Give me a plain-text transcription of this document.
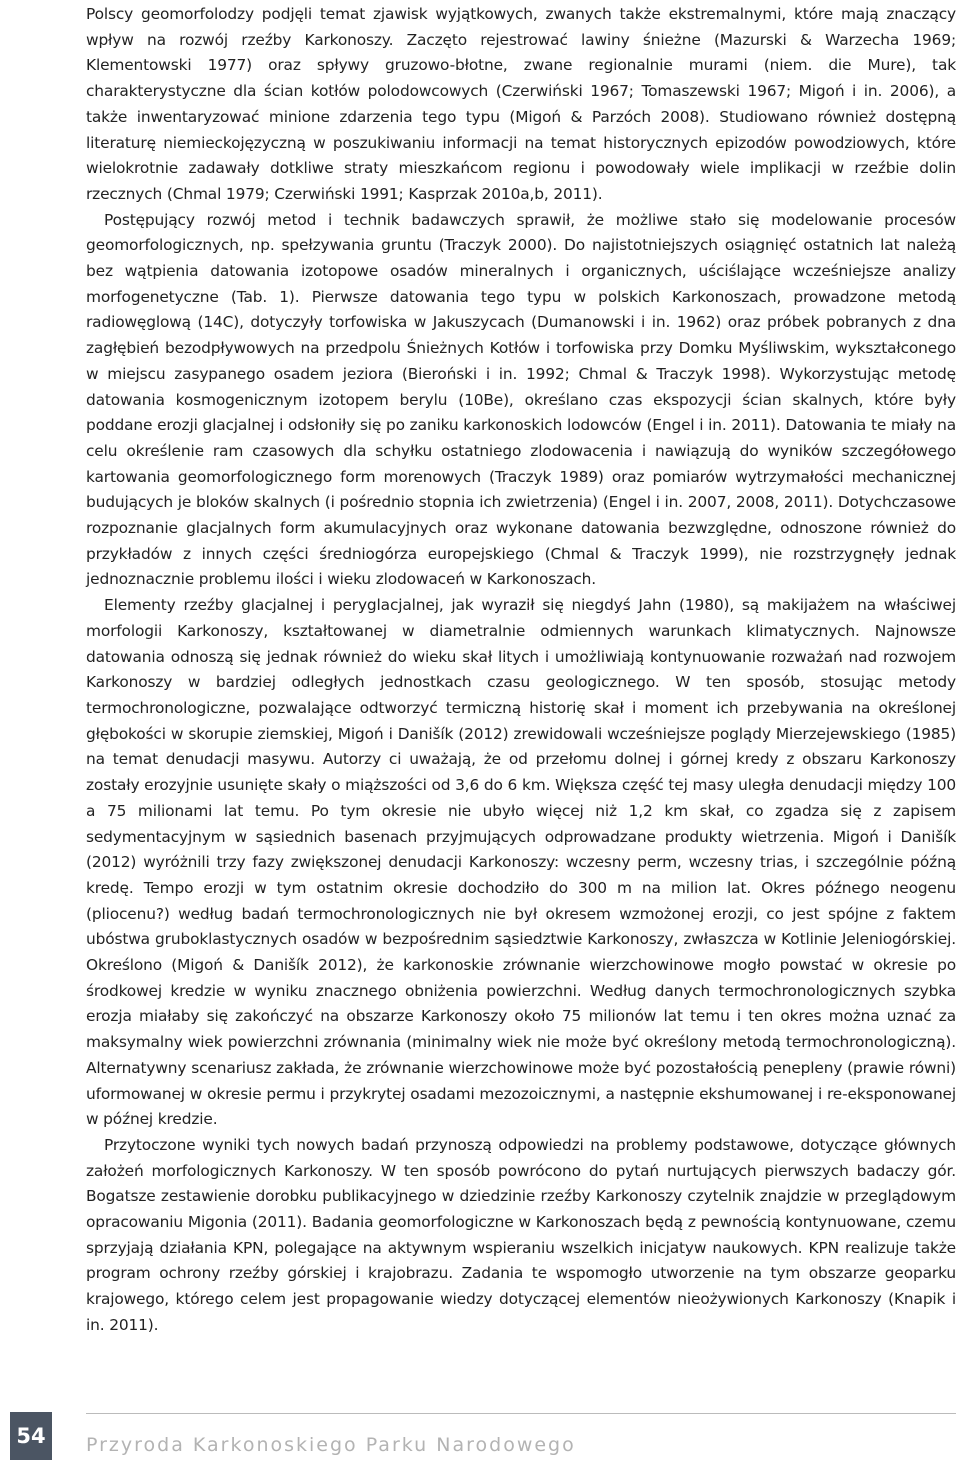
Polscy geomorfolodzy podjęli temat zjawisk wyjątkowych, zwanych także ekstremalnymi, które mają znaczący wpływ na rozwój rzeźby Karkonoszy. Zaczęto rejestrować lawiny śnieżne (Mazurski & Warzecha 1969; Klementowski 1977) oraz spływy gruzowo-błotne, zwane regionalnie murami (niem. die Mure), tak charakterystyczne dla ścian kotłów polodowcowych (Czerwiński 1967; Tomaszewski 1967; Migoń i in. 2006), a także inwentaryzować minione zdarzenia tego typu (Migoń & Parzóch 2008). Studiowano również dostępną literaturę niemieckojęzyczną w poszukiwaniu informacji na temat historycznych epizodów powodziowych, które wielokrotnie zadawały dotkliwe straty mieszkańcom regionu i powodowały wiele implikacji w rzeźbie dolin rzecznych (Chmal 1979; Czerwiński 1991; Kasprzak 2010a,b, 2011).

Postępujący rozwój metod i technik badawczych sprawił, że możliwe stało się modelowanie procesów geomorfologicznych, np. spełzywania gruntu (Traczyk 2000). Do najistotniejszych osiągnięć ostatnich lat należą bez wątpienia datowania izotopowe osadów mineralnych i organicznych, uściślające wcześniejsze analizy morfogenetyczne (Tab. 1). Pierwsze datowania tego typu w polskich Karkonoszach, prowadzone metodą radiowęglową (14C), dotyczyły torfowiska w Jakuszycach (Dumanowski i in. 1962) oraz próbek pobranych z dna zagłębień bezodpływowych na przedpolu Śnieżnych Kotłów i torfowiska przy Domku Myśliwskim, wykształconego w miejscu zasypanego osadem jeziora (Bieroński i in. 1992; Chmal & Traczyk 1998). Wykorzystując metodę datowania kosmogenicznym izotopem berylu (10Be), określano czas ekspozycji ścian skalnych, które były poddane erozji glacjalnej i odsłoniły się po zaniku karkonoskich lodowców (Engel i in. 2011). Datowania te miały na celu określenie ram czasowych dla schyłku ostatniego zlodowacenia i nawiązują do wyników szczegółowego kartowania geomorfologicznego form morenowych (Traczyk 1989) oraz pomiarów wytrzymałości mechanicznej budujących je bloków skalnych (i pośrednio stopnia ich zwietrzenia) (Engel i in. 2007, 2008, 2011). Dotychczasowe rozpoznanie glacjalnych form akumulacyjnych oraz wykonane datowania bezwzględne, odnoszone również do przykładów z innych części średniogórza europejskiego (Chmal & Traczyk 1999), nie rozstrzygnęły jednak jednoznacznie problemu ilości i wieku zlodowaceń w Karkonoszach.

Elementy rzeźby glacjalnej i peryglacjalnej, jak wyraził się niegdyś Jahn (1980), są makijażem na właściwej morfologii Karkonoszy, kształtowanej w diametralnie odmiennych warunkach klimatycznych. Najnowsze datowania odnoszą się jednak również do wieku skał litych i umożliwiają kontynuowanie rozważań nad rozwojem Karkonoszy w bardziej odległych jednostkach czasu geologicznego. W ten sposób, stosując metody termochronologiczne, pozwalające odtworzyć termiczną historię skał i moment ich przebywania na określonej głębokości w skorupie ziemskiej, Migoń i Danišík (2012) zrewidowali wcześniejsze poglądy Mierzejewskiego (1985) na temat denudacji masywu. Autorzy ci uważają, że od przełomu dolnej i górnej kredy z obszaru Karkonoszy zostały erozyjnie usunięte skały o miąższości od 3,6 do 6 km. Większa część tej masy uległa denudacji między 100 a 75 milionami lat temu. Po tym okresie nie ubyło więcej niż 1,2 km skał, co zgadza się z zapisem sedymentacyjnym w sąsiednich basenach przyjmujących odprowadzane produkty wietrzenia. Migoń i Danišík (2012) wyróżnili trzy fazy zwiększonej denudacji Karkonoszy: wczesny perm, wczesny trias, i szczególnie późną kredę. Tempo erozji w tym ostatnim okresie dochodziło do 300 m na milion lat. Okres późnego neogenu (pliocenu?) według badań termochronologicznych nie był okresem wzmożonej erozji, co jest spójne z faktem ubóstwa gruboklastycznych osadów w bezpośrednim sąsiedztwie Karkonoszy, zwłaszcza w Kotlinie Jeleniogórskiej. Określono (Migoń & Danišík 2012), że karkonoskie zrównanie wierzchowinowe mogło powstać w okresie po środkowej kredzie w wyniku znacznego obniżenia powierzchni. Według danych termochronologicznych szybka erozja miałaby się zakończyć na obszarze Karkonoszy około 75 milionów lat temu i ten okres można uznać za maksymalny wiek powierzchni zrównania (minimalny wiek nie może być określony metodą termochronologiczną). Alternatywny scenariusz zakłada, że zrównanie wierzchowinowe może być pozostałością penepleny (prawie równi) uformowanej w okresie permu i przykrytej osadami mezozoicznymi, a następnie ekshumowanej i re-eksponowanej w późnej kredzie.

Przytoczone wyniki tych nowych badań przynoszą odpowiedzi na problemy podstawowe, dotyczące głównych założeń morfologicznych Karkonoszy. W ten sposób powrócono do pytań nurtujących pierwszych badaczy gór. Bogatsze zestawienie dorobku publikacyjnego w dziedzinie rzeźby Karkonoszy czytelnik znajdzie w przeglądowym opracowaniu Migonia (2011). Badania geomorfologiczne w Karkonoszach będą z pewnością kontynuowane, czemu sprzyjają działania KPN, polegające na aktywnym wspieraniu wszelkich inicjatyw naukowych. KPN realizuje także program ochrony rzeźby górskiej i krajobrazu. Zadania te wspomogło utworzenie na tym obszarze geoparku krajowego, którego celem jest propagowanie wiedzy dotyczącej elementów nieożywionych Karkonoszy (Knapik i in. 2011).

54	Przyroda Karkonoskiego Parku Narodowego
